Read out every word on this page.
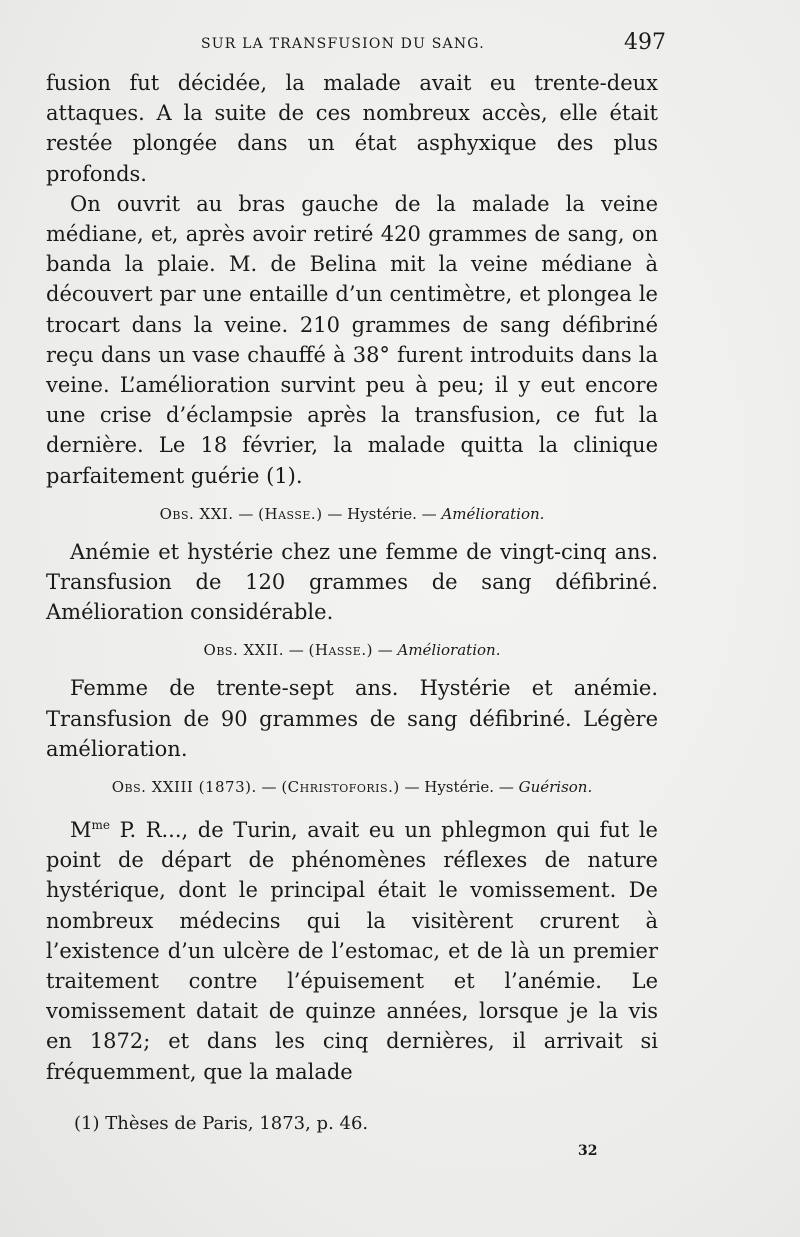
SUR LA TRANSFUSION DU SANG.	497

fusion fut décidée, la malade avait eu trente-deux attaques. A la suite de ces nombreux accès, elle était restée plongée dans un état asphyxique des plus profonds.

On ouvrit au bras gauche de la malade la veine médiane, et, après avoir retiré 420 grammes de sang, on banda la plaie. M. de Belina mit la veine médiane à découvert par une entaille d’un centimètre, et plongea le trocart dans la veine. 210 grammes de sang défibriné reçu dans un vase chauffé à 38° furent introduits dans la veine. L’amélioration survint peu à peu; il y eut encore une crise d’éclampsie après la transfusion, ce fut la dernière. Le 18 février, la malade quitta la clinique parfaitement guérie (1).

Obs. XXI. — (Hasse.) — Hystérie. — Amélioration.

Anémie et hystérie chez une femme de vingt-cinq ans. Transfusion de 120 grammes de sang défibriné. Amélioration considérable.

Obs. XXII. — (Hasse.) — Amélioration.

Femme de trente-sept ans. Hystérie et anémie. Transfusion de 90 grammes de sang défibriné. Légère amélioration.

Obs. XXIII (1873). — (Christoforis.) — Hystérie. — Guérison.

$M^{me}$ P. R..., de Turin, avait eu un phlegmon qui fut le point de départ de phénomènes réflexes de nature hystérique, dont le principal était le vomissement. De nombreux médecins qui la visitèrent crurent à l’existence d’un ulcère de l’estomac, et de là un premier traitement contre l’épuisement et l’anémie. Le vomissement datait de quinze années, lorsque je la vis en 1872; et dans les cinq dernières, il arrivait si fréquemment, que la malade

(1) Thèses de Paris, 1873, p. 46.
32
